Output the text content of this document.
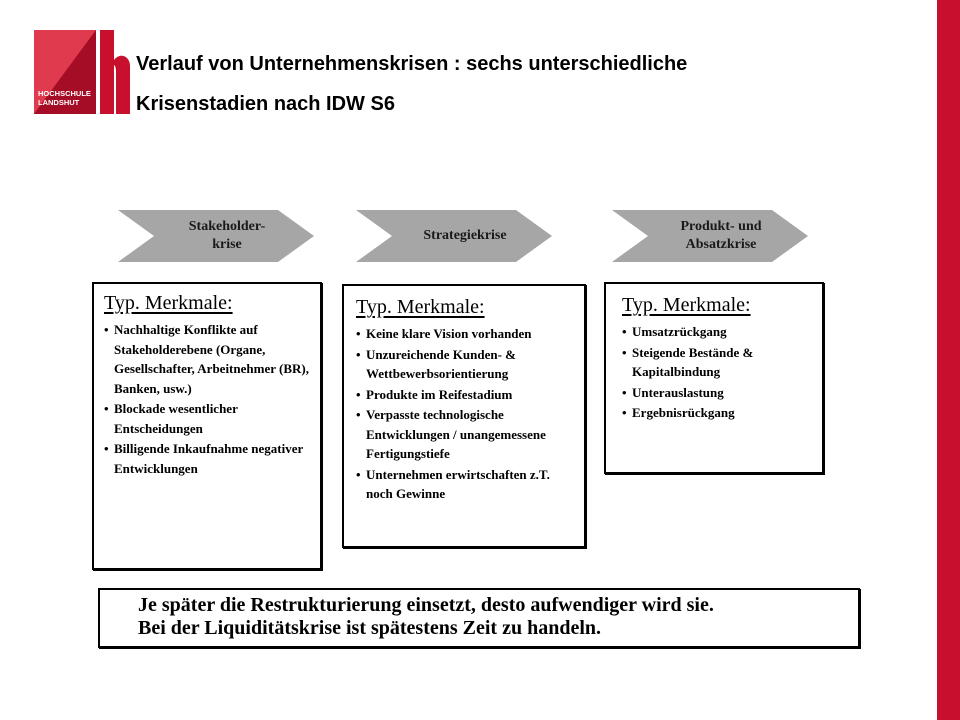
HOCHSCHULE
LANDSHUT
Verlauf von Unternehmenskrisen : sechs unterschiedliche
Krisenstadien nach IDW S6
Stakeholder-
krise
Strategiekrise
Produkt- und
Absatzkrise
Typ. Merkmale:
• Nachhaltige Konflikte auf Stakeholderebene (Organe, Gesellschafter, Arbeitnehmer (BR), Banken, usw.)
• Blockade wesentlicher Entscheidungen
• Billigende Inkaufnahme negativer Entwicklungen
Typ. Merkmale:
• Keine klare Vision vorhanden
• Unzureichende Kunden- & Wettbewerbsorientierung
• Produkte im Reifestadium
• Verpasste technologische Entwicklungen / unangemessene Fertigungstiefe
• Unternehmen erwirtschaften z.T. noch Gewinne
Typ. Merkmale:
• Umsatzrückgang
• Steigende Bestände & Kapitalbindung
• Unterauslastung
• Ergebnisrückgang

Je später die Restrukturierung einsetzt, desto aufwendiger wird sie.
Bei der Liquiditätskrise ist spätestens Zeit zu handeln.
